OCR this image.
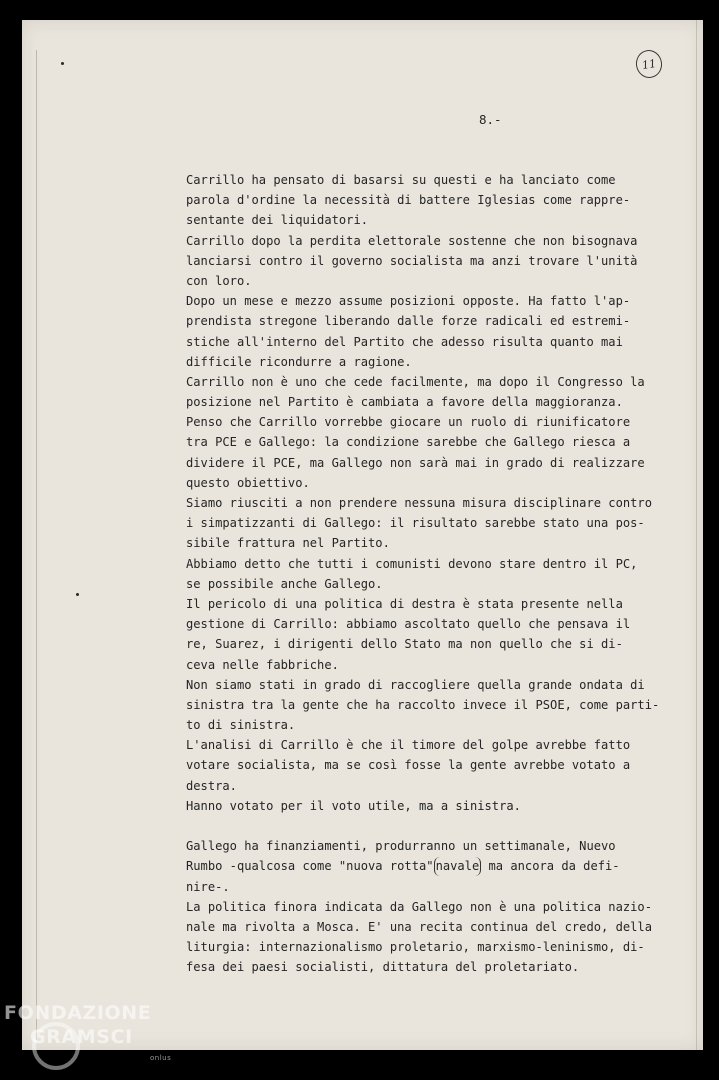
11
8.-
Carrillo ha pensato di basarsi su questi e ha lanciato come
parola d'ordine la necessità di battere Iglesias come rappre-
sentante dei liquidatori.
Carrillo dopo la perdita elettorale sostenne che non bisognava
lanciarsi contro il governo socialista ma anzi trovare l'unità
con loro.
Dopo un mese e mezzo assume posizioni opposte. Ha fatto l'ap-
prendista stregone liberando dalle forze radicali ed estremi-
stiche all'interno del Partito che adesso risulta quanto mai
difficile ricondurre a ragione.
Carrillo non è uno che cede facilmente, ma dopo il Congresso la
posizione nel Partito è cambiata a favore della maggioranza.
Penso che Carrillo vorrebbe giocare un ruolo di riunificatore
tra PCE e Gallego: la condizione sarebbe che Gallego riesca a
dividere il PCE, ma Gallego non sarà mai in grado di realizzare
questo obiettivo.
Siamo riusciti a non prendere nessuna misura disciplinare contro
i simpatizzanti di Gallego: il risultato sarebbe stato una pos-
sibile frattura nel Partito.
Abbiamo detto che tutti i comunisti devono stare dentro il PC,
se possibile anche Gallego.
Il pericolo di una politica di destra è stata presente nella
gestione di Carrillo: abbiamo ascoltato quello che pensava il
re, Suarez, i dirigenti dello Stato ma non quello che si di-
ceva nelle fabbriche.
Non siamo stati in grado di raccogliere quella grande ondata di
sinistra tra la gente che ha raccolto invece il PSOE, come parti-
to di sinistra.
L'analisi di Carrillo è che il timore del golpe avrebbe fatto
votare socialista, ma se così fosse la gente avrebbe votato a
destra.
Hanno votato per il voto utile, ma a sinistra.
Gallego ha finanziamenti, produrranno un settimanale, Nuevo
Rumbo -qualcosa come "nuova rotta" navale ma ancora da defi-
nire-.
La politica finora indicata da Gallego non è una politica nazio-
nale ma rivolta a Mosca. E' una recita continua del credo, della
liturgia: internazionalismo proletario, marxismo-leninismo, di-
fesa dei paesi socialisti, dittatura del proletariato.
FONDAZIONE
GRAMSCI
onlus
